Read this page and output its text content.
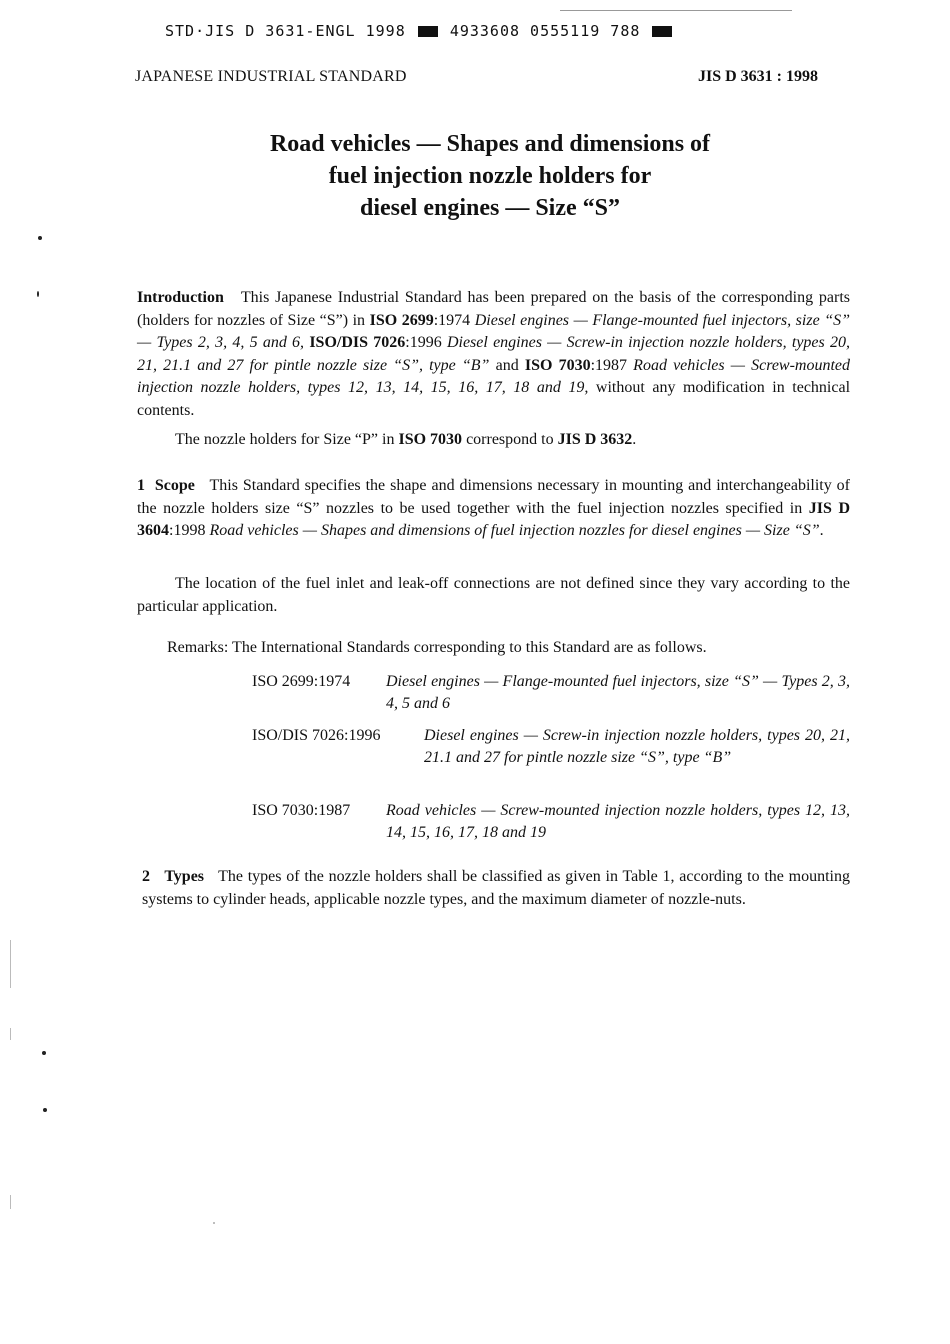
STD·JIS D 3631-ENGL 1998	4933608 0555119 788
JAPANESE INDUSTRIAL STANDARD	JIS D 3631 : 1998
Road vehicles — Shapes and dimensions of
fuel injection nozzle holders for
diesel engines — Size “S”
Introduction This Japanese Industrial Standard has been prepared on the basis of the corresponding parts (holders for nozzles of Size “S”) in ISO 2699:1974 Diesel engines — Flange-mounted fuel injectors, size “S” — Types 2, 3, 4, 5 and 6, ISO/DIS 7026:1996 Diesel engines — Screw-in injection nozzle holders, types 20, 21, 21.1 and 27 for pintle nozzle size “S”, type “B” and ISO 7030:1987 Road vehicles — Screw-mounted injection nozzle holders, types 12, 13, 14, 15, 16, 17, 18 and 19, without any modification in technical contents.
The nozzle holders for Size “P” in ISO 7030 correspond to JIS D 3632.
1 Scope This Standard specifies the shape and dimensions necessary in mounting and interchangeability of the nozzle holders size “S” nozzles to be used together with the fuel injection nozzles specified in JIS D 3604:1998 Road vehicles — Shapes and dimensions of fuel injection nozzles for diesel engines — Size “S”.
The location of the fuel inlet and leak-off connections are not defined since they vary according to the particular application.
Remarks: The International Standards corresponding to this Standard are as follows.
ISO 2699:1974	Diesel engines — Flange-mounted fuel injectors, size “S” — Types 2, 3, 4, 5 and 6
ISO/DIS 7026:1996	Diesel engines — Screw-in injection nozzle holders, types 20, 21, 21.1 and 27 for pintle nozzle size “S”, type “B”
ISO 7030:1987	Road vehicles — Screw-mounted injection nozzle holders, types 12, 13, 14, 15, 16, 17, 18 and 19
2 Types The types of the nozzle holders shall be classified as given in Table 1, according to the mounting systems to cylinder heads, applicable nozzle types, and the maximum diameter of nozzle-nuts.
